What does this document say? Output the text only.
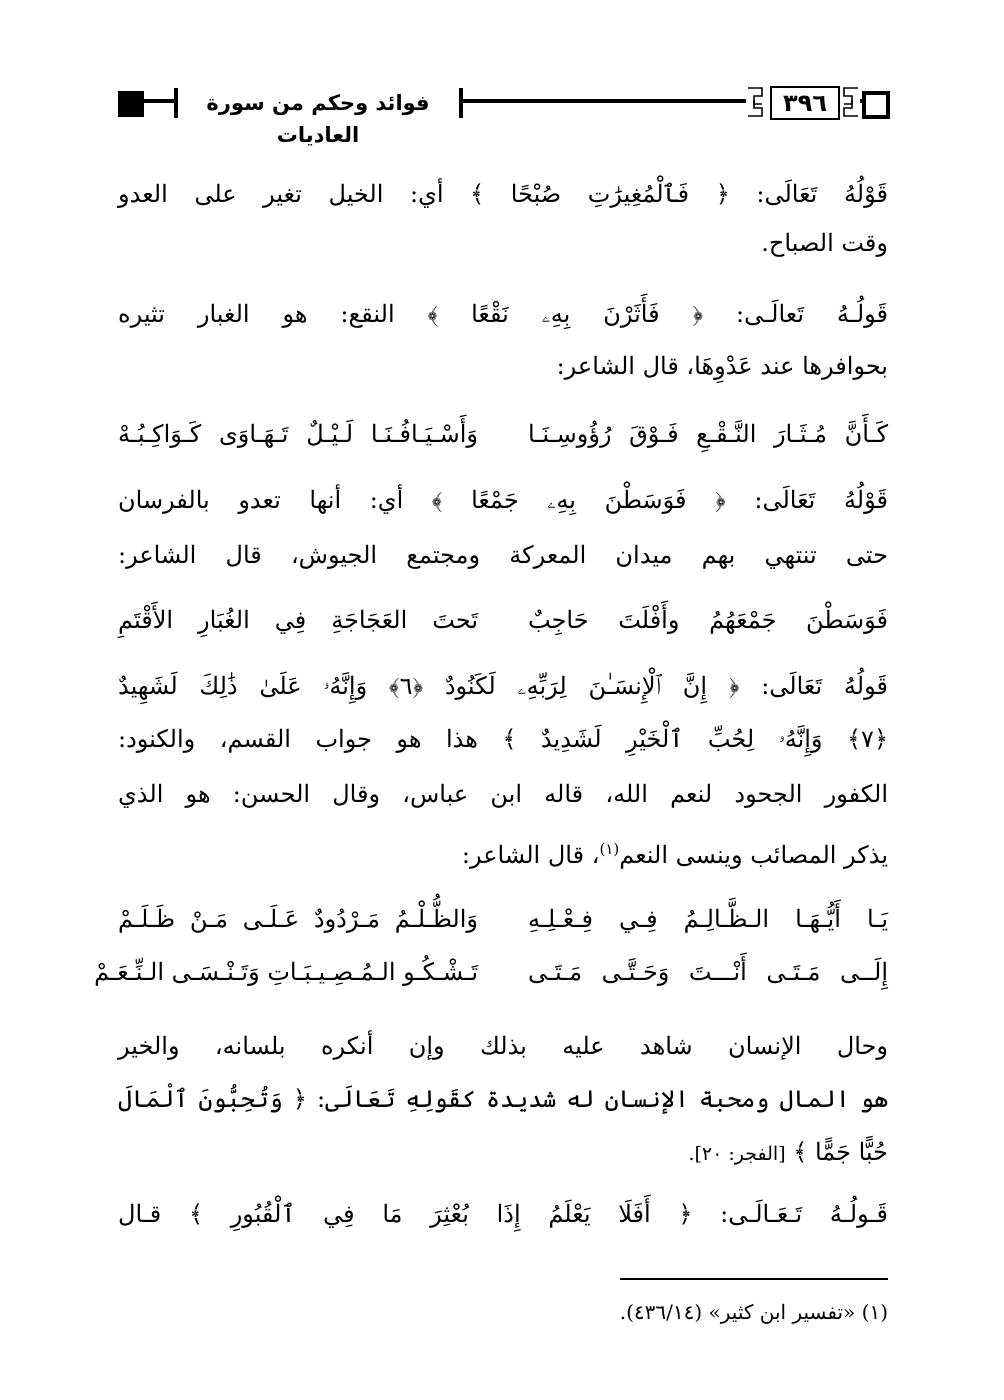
فوائد وحكم من سورة العاديات
٣٩٦
قَوْلُهُ تَعَالَى: ﴿ فَٱلْمُغِيرَٰتِ صُبْحًا ﴾ أي: الخيل تغير على العدو
وقت الصباح.
قَولُـهُ تَعالَـى: ﴿ فَأَثَرْنَ بِهِۦ نَقْعًا ﴾ النقع: هو الغبار تثيره
بحوافرها عند عَدْوِهَا، قال الشاعر:
كَـأَنَّ مُـثَـارَ النَّـقْـعِ فَـوْقَ رُؤُوسِـنَـا
وَأَسْـيَـافُـنَـا لَـيْـلٌ تَـهَـاوَى كَـوَاكِـبُـهْ
قَوْلُهُ تَعَالَى: ﴿ فَوَسَطْنَ بِهِۦ جَمْعًا ﴾ أي: أنها تعدو بالفرسان
حتى تنتهي بهم ميدان المعركة ومجتمع الجيوش، قال الشاعر:
فَوَسَطْنَ جَمْعَهُمُ وأَفْلَتَ حَاجِبٌ
تَحتَ العَجَاجَةِ فِي الغُبَارِ الأَقْتَمِ
قَولُهُ تَعَالَى: ﴿ إِنَّ ٱلْإِنسَـٰنَ لِرَبِّهِۦ لَكَنُودٌ ﴿٦﴾ وَإِنَّهُۥ عَلَىٰ ذَٰلِكَ لَشَهِيدٌ
﴿٧﴾ وَإِنَّهُۥ لِحُبِّ ٱلْخَيْرِ لَشَدِيدٌ ﴾ هذا هو جواب القسم، والكنود:
الكفور الجحود لنعم الله، قاله ابن عباس، وقال الحسن: هو الذي
يذكر المصائب وينسى النعم$^{(١)}$، قال الشاعر:
يَـا أَيُّـهَـا الـظَّـالِـمُ فِـي فِـعْـلِـهِ
وَالظُّـلْـمُ مَـرْدُودٌ عَـلَـى مَـنْ ظَـلَـمْ
إِلَــى مَـتَـى أَنْـــتَ وَحَـتَّـى مَـتَـى
تَـشْـكُـو الـمُـصِـيـبَـاتِ وَتَـنْـسَـى الـنِّـعَـمْ
وحال الإنسان شاهد عليه بذلك وإن أنكره بلسانه، والخير
هو المال ومحبة الإنسان له شديدة كقَولِهِ تَعَالَى: ﴿ وَتُحِبُّونَ ٱلْمَالَ
حُبًّا جَمًّا ﴾ [الفجر: ٢٠].
قَـولُـهُ تَـعَـالَـى: ﴿ أَفَلَا يَعْلَمُ إِذَا بُعْثِرَ مَا فِي ٱلْقُبُورِ ﴾ قـال
(١) «تفسير ابن كثير» (٤٣٦/١٤).
